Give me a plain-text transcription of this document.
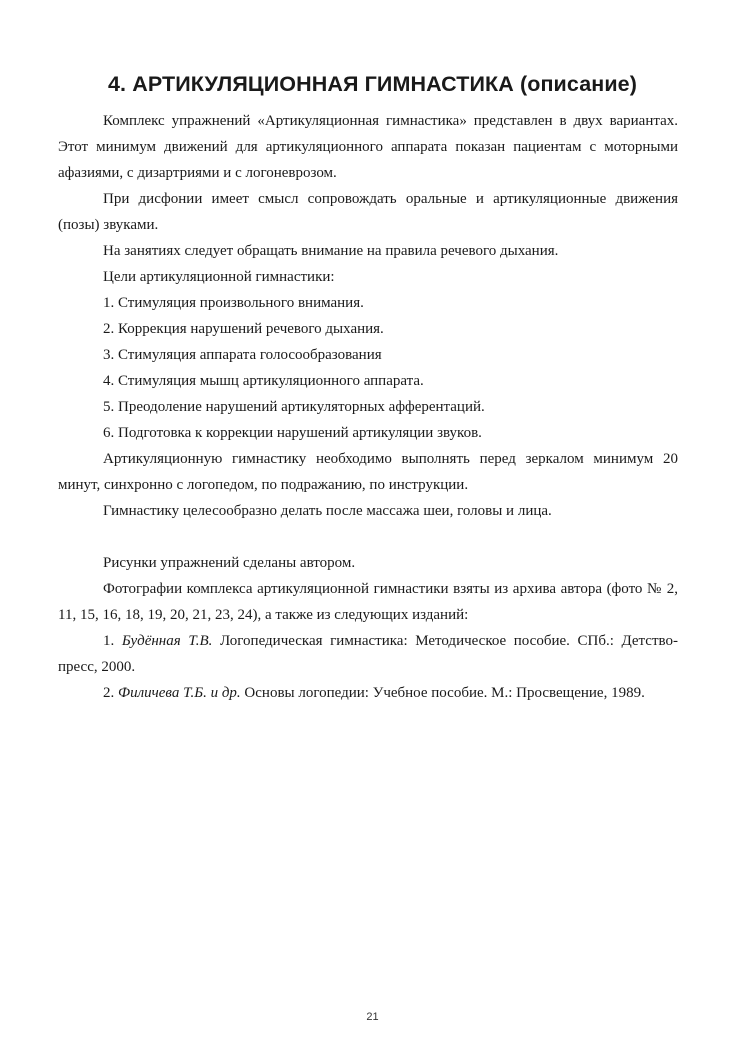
4. АРТИКУЛЯЦИОННАЯ ГИМНАСТИКА (описание)

Комплекс упражнений «Артикуляционная гимнастика» представлен в двух вариантах. Этот минимум движений для артикуляционного аппарата показан пациентам с моторными афазиями, с дизартриями и с логоневрозом.

При дисфонии имеет смысл сопровождать оральные и артикуляционные движения (позы) звуками.

На занятиях следует обращать внимание на правила речевого дыхания.

Цели артикуляционной гимнастики:

1. Стимуляция произвольного внимания.

2. Коррекция нарушений речевого дыхания.

3. Стимуляция аппарата голосообразования

4. Стимуляция мышц артикуляционного аппарата.

5. Преодоление нарушений артикуляторных афферентаций.

6. Подготовка к коррекции нарушений артикуляции звуков.

Артикуляционную гимнастику необходимо выполнять перед зеркалом минимум 20 минут, синхронно с логопедом, по подражанию, по инструкции.

Гимнастику целесообразно делать после массажа шеи, головы и лица.

Рисунки упражнений сделаны автором.

Фотографии комплекса артикуляционной гимнастики взяты из архива автора (фото № 2, 11, 15, 16, 18, 19, 20, 21, 23, 24), а также из следующих изданий:

1. Будённая Т.В. Логопедическая гимнастика: Методическое пособие. СПб.: Детство-пресс, 2000.

2. Филичева Т.Б. и др. Основы логопедии: Учебное пособие. М.: Просвещение, 1989.

21
